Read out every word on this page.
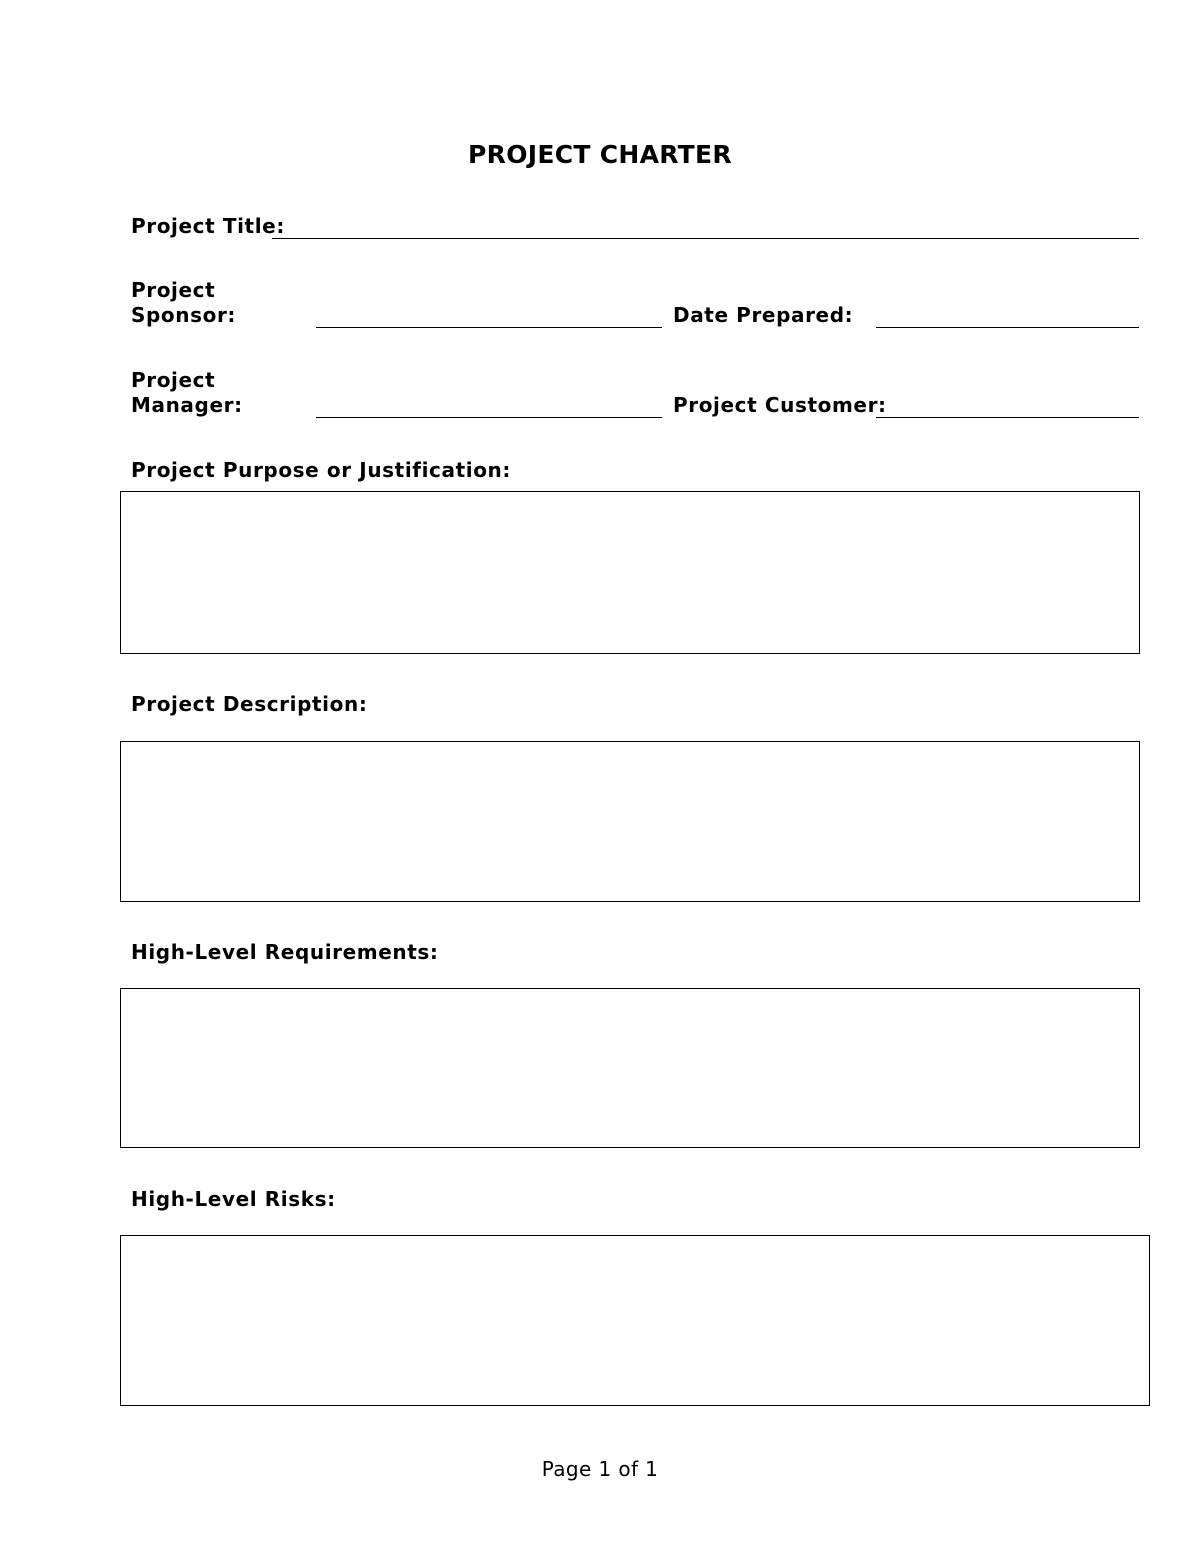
PROJECT CHARTER
Project Title:
Project
Sponsor:	Date Prepared:
Project
Manager:	Project Customer:
Project Purpose or Justification:
Project Description:
High-Level Requirements:
High-Level Risks:
Page 1 of 1
